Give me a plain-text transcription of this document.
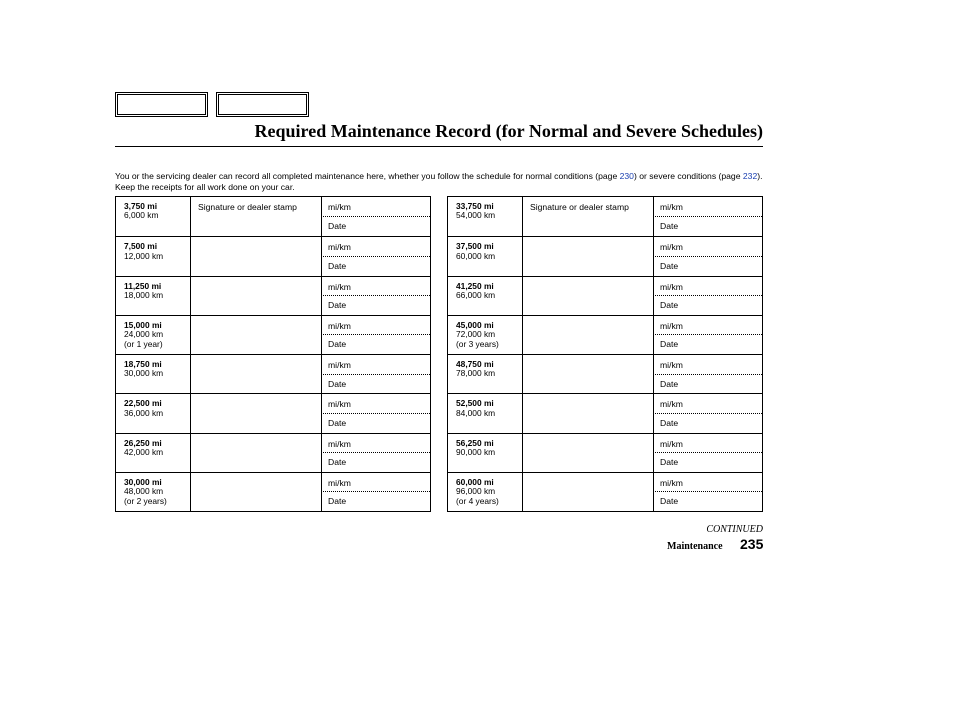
Required Maintenance Record (for Normal and Severe Schedules)
You or the servicing dealer can record all completed maintenance here, whether you follow the schedule for normal conditions (page 230) or severe conditions (page 232). Keep the receipts for all work done on your car.
3,750 mi
6,000 km
Signature or dealer stamp	mi/km
Date
7,500 mi
12,000 km
mi/km
Date
11,250 mi
18,000 km
mi/km
Date
15,000 mi
24,000 km
(or 1 year)
mi/km
Date
18,750 mi
30,000 km
mi/km
Date
22,500 mi
36,000 km
mi/km
Date
26,250 mi
42,000 km
mi/km
Date
30,000 mi
48,000 km
(or 2 years)
mi/km
Date
33,750 mi
54,000 km
Signature or dealer stamp	mi/km
Date
37,500 mi
60,000 km
mi/km
Date
41,250 mi
66,000 km
mi/km
Date
45,000 mi
72,000 km
(or 3 years)
mi/km
Date
48,750 mi
78,000 km
mi/km
Date
52,500 mi
84,000 km
mi/km
Date
56,250 mi
90,000 km
mi/km
Date
60,000 mi
96,000 km
(or 4 years)
mi/km
Date
CONTINUED
Maintenance 235
